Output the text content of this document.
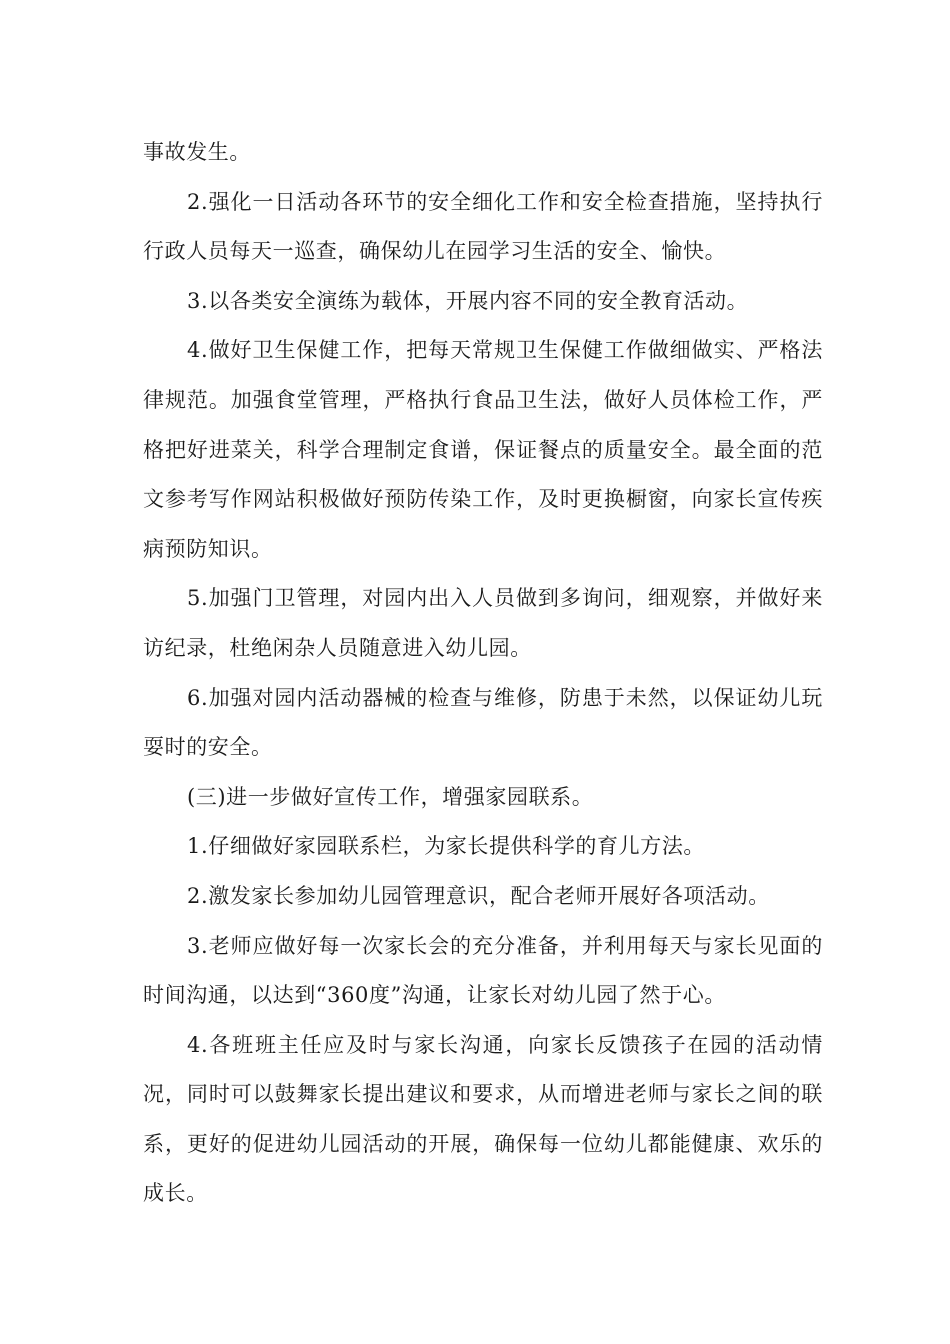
事故发生。

2.强化一日活动各环节的安全细化工作和安全检查措施，坚持执行行政人员每天一巡查，确保幼儿在园学习生活的安全、愉快。

3.以各类安全演练为载体，开展内容不同的安全教育活动。

4.做好卫生保健工作，把每天常规卫生保健工作做细做实、严格法律规范。加强食堂管理，严格执行食品卫生法，做好人员体检工作，严格把好进菜关，科学合理制定食谱，保证餐点的质量安全。最全面的范文参考写作网站积极做好预防传染工作，及时更换橱窗，向家长宣传疾病预防知识。

5.加强门卫管理，对园内出入人员做到多询问，细观察，并做好来访纪录，杜绝闲杂人员随意进入幼儿园。

6.加强对园内活动器械的检查与维修，防患于未然，以保证幼儿玩耍时的安全。

(三)进一步做好宣传工作，增强家园联系。

1.仔细做好家园联系栏，为家长提供科学的育儿方法。

2.激发家长参加幼儿园管理意识，配合老师开展好各项活动。

3.老师应做好每一次家长会的充分准备，并利用每天与家长见面的时间沟通，以达到“360度”沟通，让家长对幼儿园了然于心。

4.各班班主任应及时与家长沟通，向家长反馈孩子在园的活动情况，同时可以鼓舞家长提出建议和要求，从而增进老师与家长之间的联系，更好的促进幼儿园活动的开展，确保每一位幼儿都能健康、欢乐的成长。
